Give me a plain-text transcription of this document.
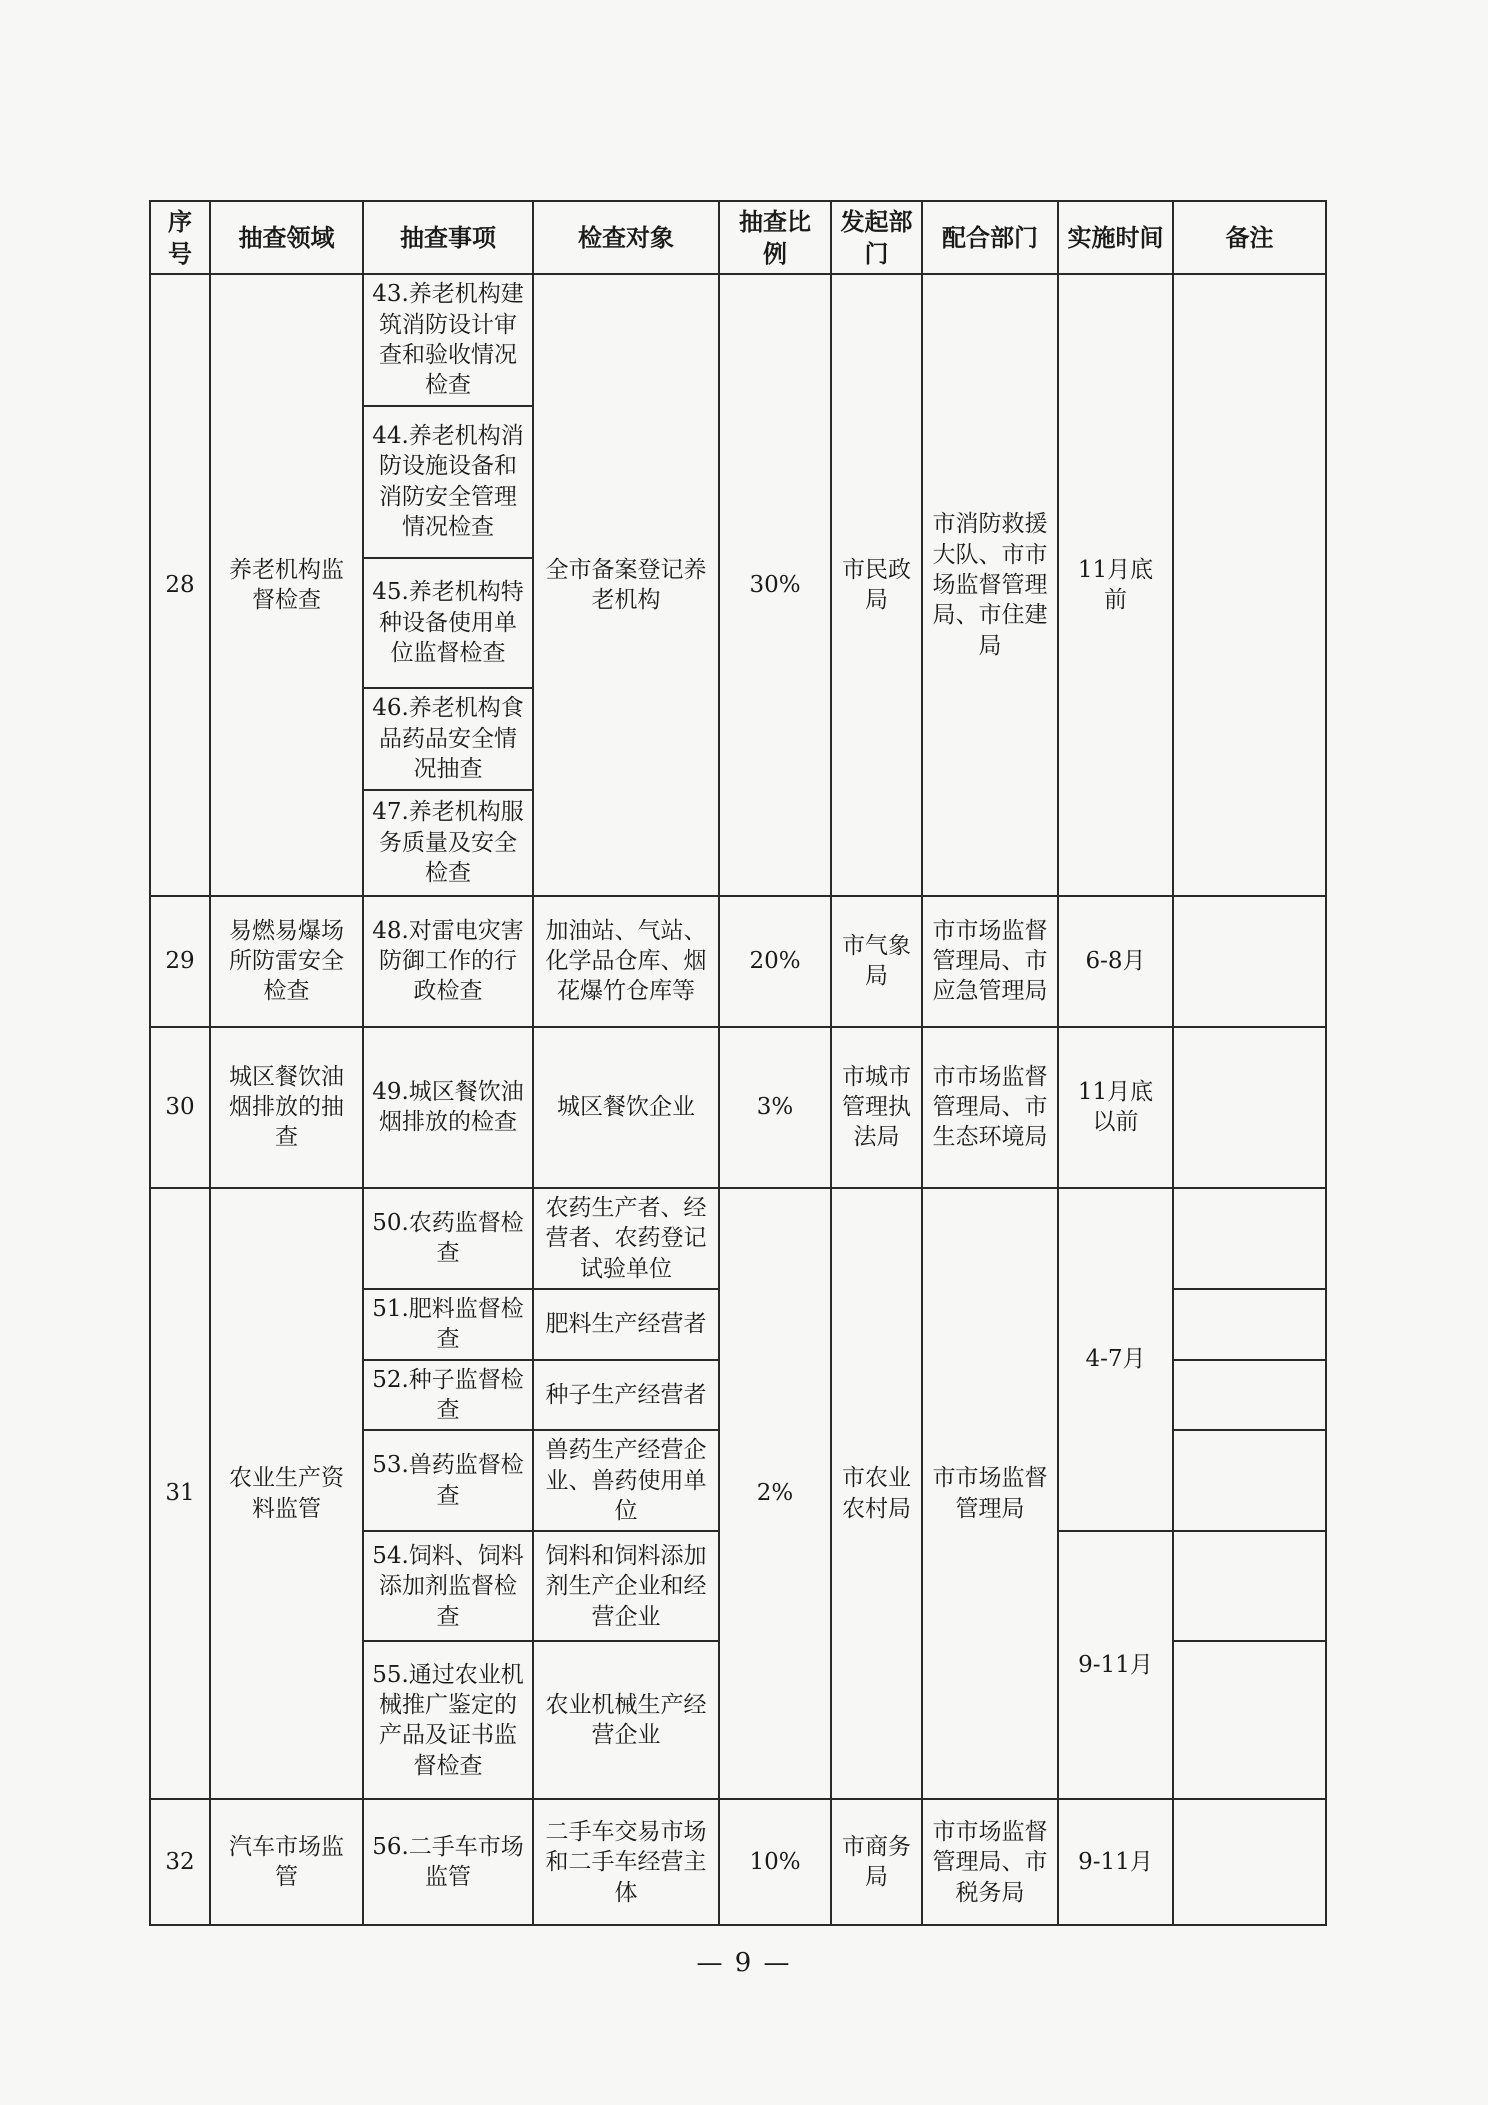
序号	抽查领域	抽查事项	检查对象	抽查比例	发起部门	配合部门	实施时间	备注
28	养老机构监督检查	43.养老机构建筑消防设计审查和验收情况检查	全市备案登记养老机构	30%	市民政局	市消防救援大队、市市场监督管理局、市住建局	11月底前	
		44.养老机构消防设施设备和消防安全管理情况检查						
		45.养老机构特种设备使用单位监督检查						
		46.养老机构食品药品安全情况抽查						
		47.养老机构服务质量及安全检查						
29	易燃易爆场所防雷安全检查	48.对雷电灾害防御工作的行政检查	加油站、气站、化学品仓库、烟花爆竹仓库等	20%	市气象局	市市场监督管理局、市应急管理局	6-8月	
30	城区餐饮油烟排放的抽查	49.城区餐饮油烟排放的检查	城区餐饮企业	3%	市城市管理执法局	市市场监督管理局、市生态环境局	11月底以前	
31	农业生产资料监管	50.农药监督检查	农药生产者、经营者、农药登记试验单位	2%	市农业农村局	市市场监督管理局	4-7月	
		51.肥料监督检查	肥料生产经营者					
		52.种子监督检查	种子生产经营者					
		53.兽药监督检查	兽药生产经营企业、兽药使用单位					
		54.饲料、饲料添加剂监督检查	饲料和饲料添加剂生产企业和经营企业				9-11月	
		55.通过农业机械推广鉴定的产品及证书监督检查	农业机械生产经营企业					
32	汽车市场监管	56.二手车市场监管	二手车交易市场和二手车经营主体	10%	市商务局	市市场监督管理局、市税务局	9-11月	
— 9 —
